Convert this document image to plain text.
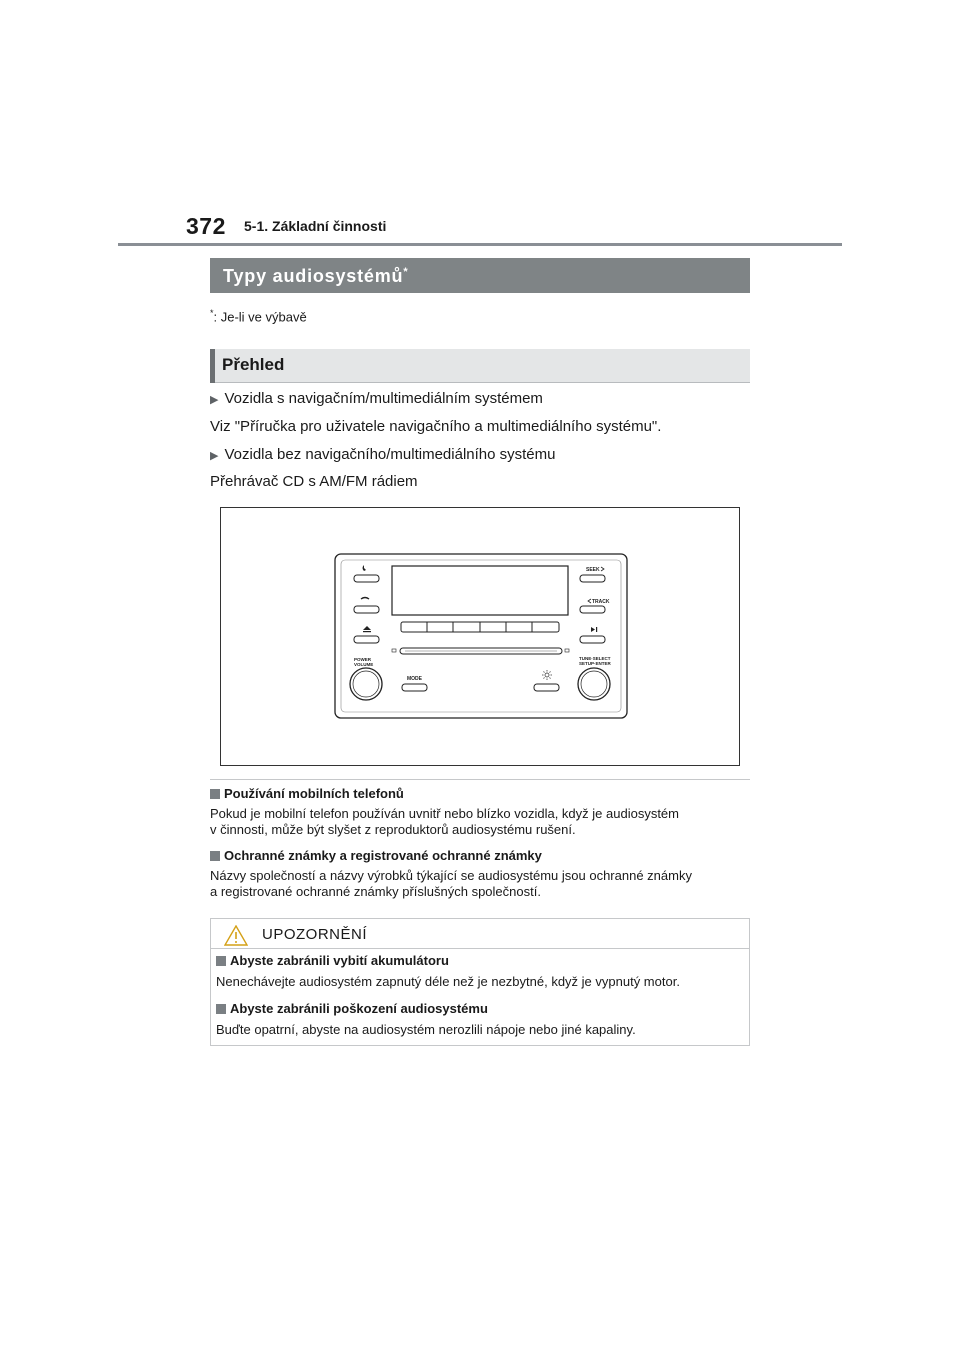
372 5-1. Základní činnosti
Typy audiosystémů*
*: Je-li ve výbavě
Přehled
▶ Vozidla s navigačním/multimediálním systémem
Viz "Příručka pro uživatele navigačního a multimediálního systému".
▶ Vozidla bez navigačního/multimediálního systému
Přehrávač CD s AM/FM rádiem
POWER
VOLUME
SEEK
TRACK
TUNE·SELECT
SETUP·ENTER
MODE
Používání mobilních telefonů
Pokud je mobilní telefon používán uvnitř nebo blízko vozidla, když je audiosystém
v činnosti, může být slyšet z reproduktorů audiosystému rušení.
Ochranné známky a registrované ochranné známky
Názvy společností a názvy výrobků týkající se audiosystému jsou ochranné známky
a registrované ochranné známky příslušných společností.
UPOZORNĚNÍ
Abyste zabránili vybití akumulátoru
Nenechávejte audiosystém zapnutý déle než je nezbytné, když je vypnutý motor.
Abyste zabránili poškození audiosystému
Buďte opatrní, abyste na audiosystém nerozlili nápoje nebo jiné kapaliny.
